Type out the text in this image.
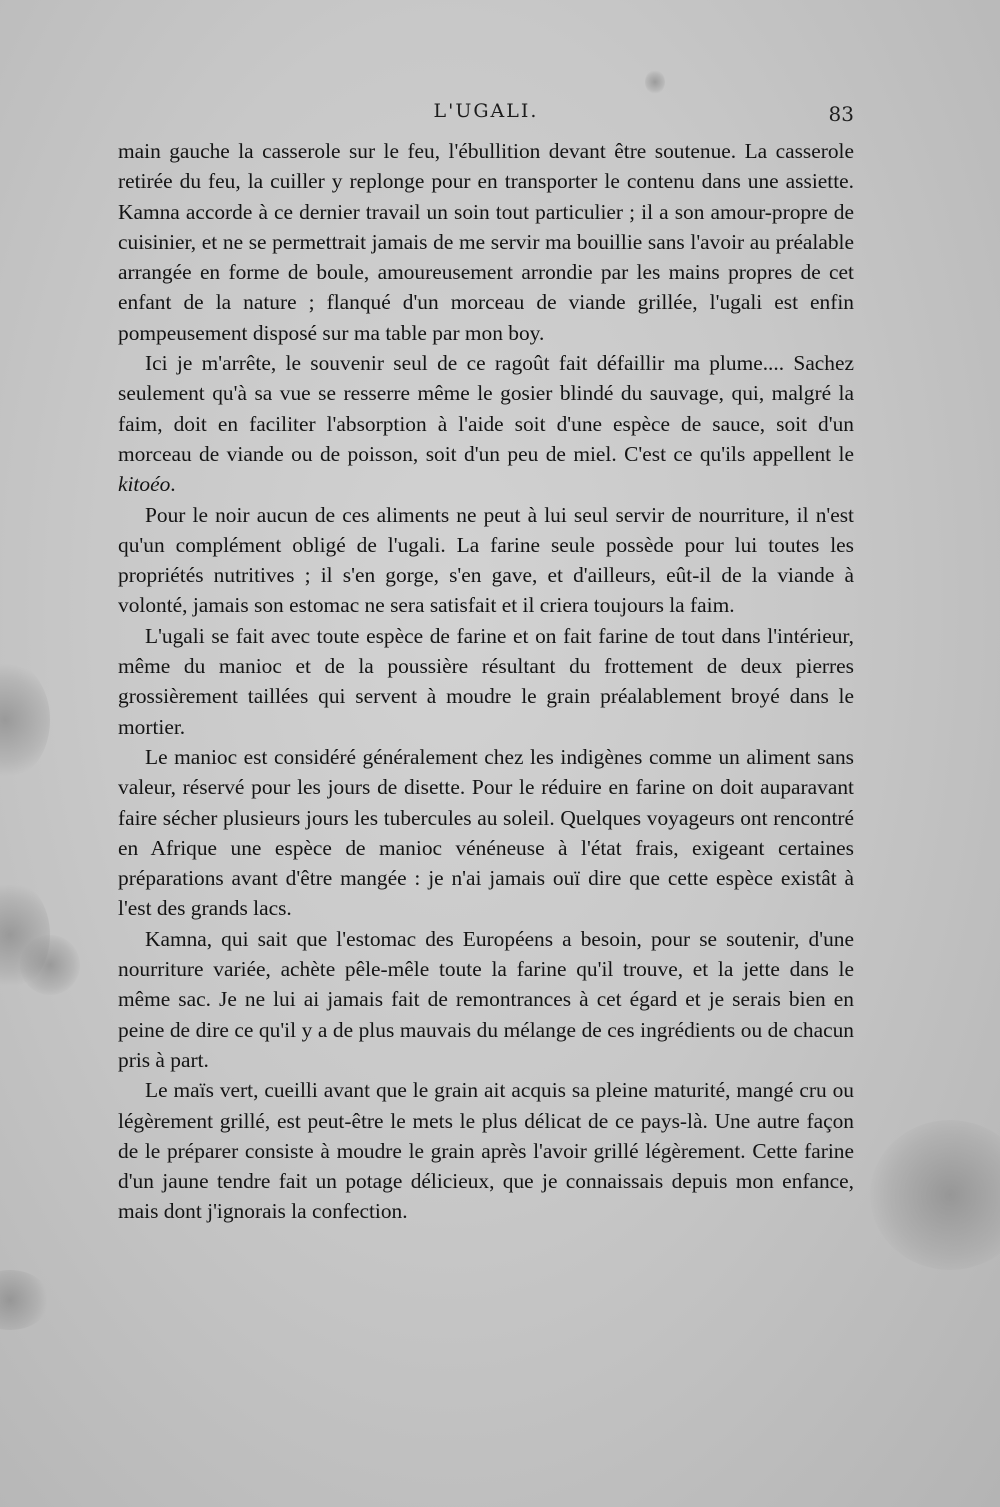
L'UGALI.	83

main gauche la casserole sur le feu, l'ébullition devant être soutenue. La casserole retirée du feu, la cuiller y replonge pour en transporter le contenu dans une assiette. Kamna accorde à ce dernier travail un soin tout particulier ; il a son amour-propre de cuisinier, et ne se permettrait jamais de me servir ma bouillie sans l'avoir au préalable arrangée en forme de boule, amoureusement arrondie par les mains propres de cet enfant de la nature ; flanqué d'un morceau de viande grillée, l'ugali est enfin pompeusement disposé sur ma table par mon boy.

Ici je m'arrête, le souvenir seul de ce ragoût fait défaillir ma plume.... Sachez seulement qu'à sa vue se resserre même le gosier blindé du sauvage, qui, malgré la faim, doit en faciliter l'absorption à l'aide soit d'une espèce de sauce, soit d'un morceau de viande ou de poisson, soit d'un peu de miel. C'est ce qu'ils appellent le kitoéo.

Pour le noir aucun de ces aliments ne peut à lui seul servir de nourriture, il n'est qu'un complément obligé de l'ugali. La farine seule possède pour lui toutes les propriétés nutritives ; il s'en gorge, s'en gave, et d'ailleurs, eût-il de la viande à volonté, jamais son estomac ne sera satisfait et il criera toujours la faim.

L'ugali se fait avec toute espèce de farine et on fait farine de tout dans l'intérieur, même du manioc et de la poussière résultant du frottement de deux pierres grossièrement taillées qui servent à moudre le grain préalablement broyé dans le mortier.

Le manioc est considéré généralement chez les indigènes comme un aliment sans valeur, réservé pour les jours de disette. Pour le réduire en farine on doit auparavant faire sécher plusieurs jours les tubercules au soleil. Quelques voyageurs ont rencontré en Afrique une espèce de manioc vénéneuse à l'état frais, exigeant certaines préparations avant d'être mangée : je n'ai jamais ouï dire que cette espèce existât à l'est des grands lacs.

Kamna, qui sait que l'estomac des Européens a besoin, pour se soutenir, d'une nourriture variée, achète pêle-mêle toute la farine qu'il trouve, et la jette dans le même sac. Je ne lui ai jamais fait de remontrances à cet égard et je serais bien en peine de dire ce qu'il y a de plus mauvais du mélange de ces ingrédients ou de chacun pris à part.

Le maïs vert, cueilli avant que le grain ait acquis sa pleine maturité, mangé cru ou légèrement grillé, est peut-être le mets le plus délicat de ce pays-là. Une autre façon de le préparer consiste à moudre le grain après l'avoir grillé légèrement. Cette farine d'un jaune tendre fait un potage délicieux, que je connaissais depuis mon enfance, mais dont j'ignorais la confection.
